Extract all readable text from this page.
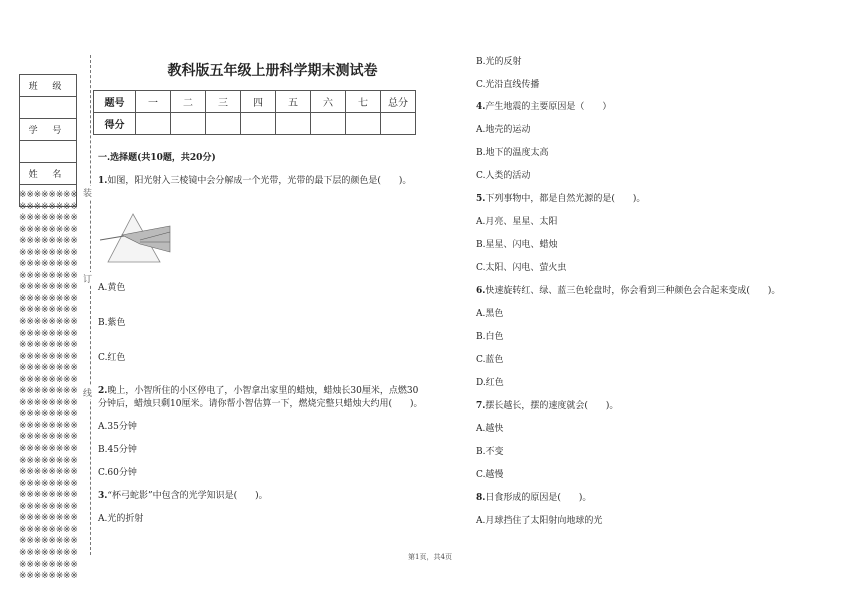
班 级

学 号

姓 名

※※※※※※※※
※※※※※※※※
※※※※※※※※
※※※※※※※※
※※※※※※※※
※※※※※※※※
※※※※※※※※
※※※※※※※※
※※※※※※※※
※※※※※※※※
※※※※※※※※
※※※※※※※※
※※※※※※※※
※※※※※※※※
※※※※※※※※
※※※※※※※※
※※※※※※※※
※※※※※※※※
※※※※※※※※
※※※※※※※※
※※※※※※※※
※※※※※※※※
※※※※※※※※
※※※※※※※※
※※※※※※※※
※※※※※※※※
※※※※※※※※
※※※※※※※※
※※※※※※※※
※※※※※※※※
※※※※※※※※
※※※※※※※※
※※※※※※※※
※※※※※※※※
装
订
线
教科版五年级上册科学期末测试卷
题号	一	二	三	四	五	六	七	总分
得分								
一.选择题(共10题，共20分)
1.如图，阳光射入三棱镜中会分解成一个光带，光带的最下层的颜色是(　　)。
A.黄色
B.紫色
C.红色
2.晚上，小智所住的小区停电了，小智拿出家里的蜡烛，蜡烛长30厘米，点燃30
分钟后，蜡烛只剩10厘米。请你帮小智估算一下，燃烧完整只蜡烛大约用(　　)。
A.35分钟
B.45分钟
C.60分钟
3.“杯弓蛇影”中包含的光学知识是(　　)。
A.光的折射
B.光的反射
C.光沿直线传播
4.产生地震的主要原因是（　　）
A.地壳的运动
B.地下的温度太高
C.人类的活动
5.下列事物中，都是自然光源的是(　　)。
A.月亮、星星、太阳
B.星星、闪电、蜡烛
C.太阳、闪电、萤火虫
6.快速旋转红、绿、蓝三色轮盘时，你会看到三种颜色会合起来变成(　　)。
A.黑色
B.白色
C.蓝色
D.红色
7.摆长越长，摆的速度就会(　　)。
A.越快
B.不变
C.越慢
8.日食形成的原因是(　　)。
A.月球挡住了太阳射向地球的光
第1页，共4页
